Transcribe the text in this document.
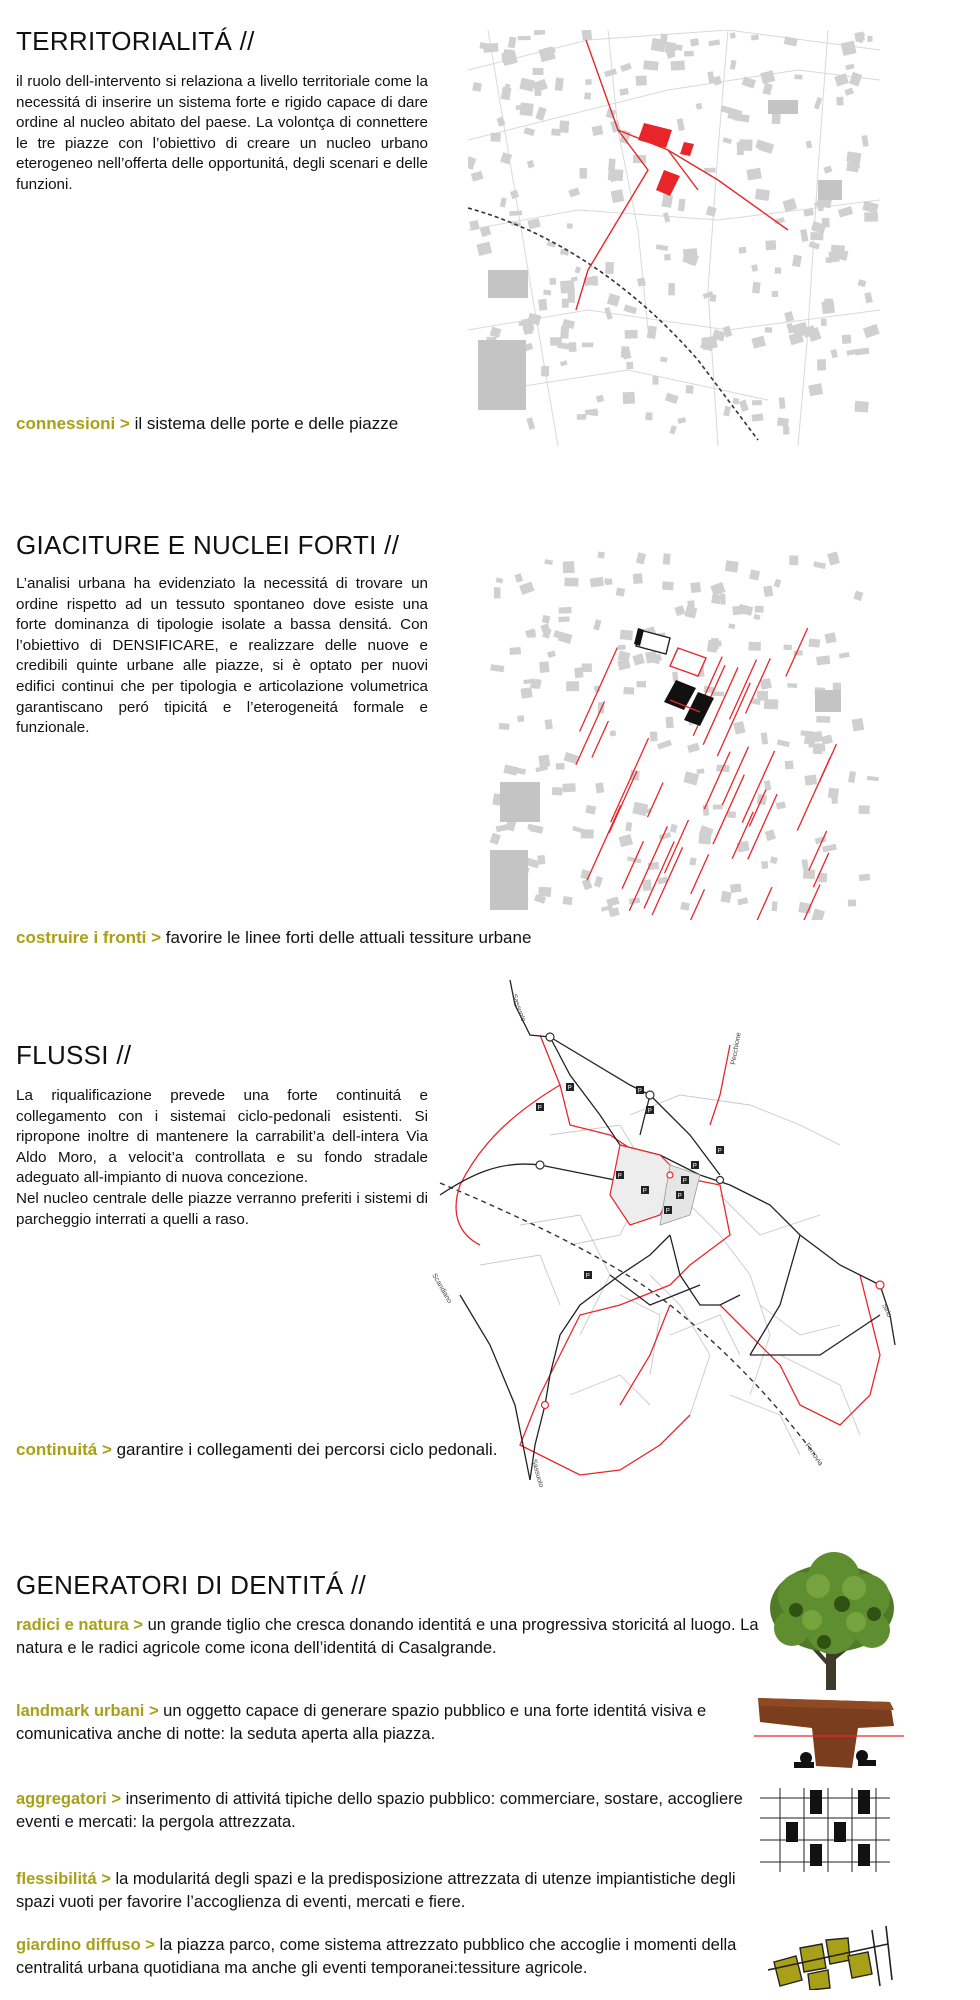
TERRITORIALITÁ //
il ruolo dell-intervento si relaziona a livello territoriale come la necessitá di inserire un sistema forte e rigido capace di dare ordine al nucleo abitato del paese. La volontça di connettere le tre piazze con l’obiettivo di creare un nucleo urbano eterogeneo nell’offerta delle opportunitá, degli scenari e delle funzioni.
connessioni > il sistema delle porte e delle piazze
GIACITURE E NUCLEI FORTI //
L’analisi urbana ha evidenziato la necessitá di trovare un ordine rispetto ad un tessuto spontaneo dove esiste una forte dominanza di tipologie isolate a bassa densitá. Con l’obiettivo di DENSIFICARE, e realizzare delle nuove e credibili quinte urbane alle piazze, si è optato per nuovi edifici continui che per tipologia e articolazione volumetrica garantiscano peró tipicitá e l’eterogeneitá formale e funzionale.
costruire i fronti > favorire le linee forti delle attuali tessiture urbane
FLUSSI //
La riqualificazione prevede una forte continuitá e collegamento con i sistemai ciclo-pedonali esistenti. Si ripropone inoltre di mantenere la carrabilit’a dell-intera Via Aldo Moro, a velocit’a controllata e su fondo stradale adeguato all-impianto di nuova concezione.
Nel nucleo centrale delle piazze verranno preferiti i sistemi di parcheggio interrati a quelli a raso.
continuitá > garantire i collegamenti dei percorsi ciclo pedonali.
P	P
P
P
P
P
P
P
P
P
P
P
Sassuolo
Pecchione
Sirio
Scandiano
Sassuolo
Ferrovia
GENERATORI DI DENTITÁ //
radici e natura > un grande tiglio che cresca donando identitá e una progressiva storicitá al luogo. La natura e le radici agricole come icona dell’identitá di Casalgrande.
landmark urbani > un oggetto capace di generare spazio pubblico e una forte identitá visiva e comunicativa anche di notte: la seduta aperta alla piazza.
aggregatori > inserimento di attivitá tipiche dello spazio pubblico: commerciare, sostare, accogliere eventi e mercati: la pergola attrezzata.
flessibilitá > la modularitá degli spazi e la predisposizione attrezzata di utenze impiantistiche degli spazi vuoti per favorire l’accoglienza di eventi, mercati e fiere.
giardino diffuso > la piazza parco, come sistema attrezzato pubblico che accoglie i momenti della centralitá urbana quotidiana ma anche gli eventi temporanei:tessiture agricole.
